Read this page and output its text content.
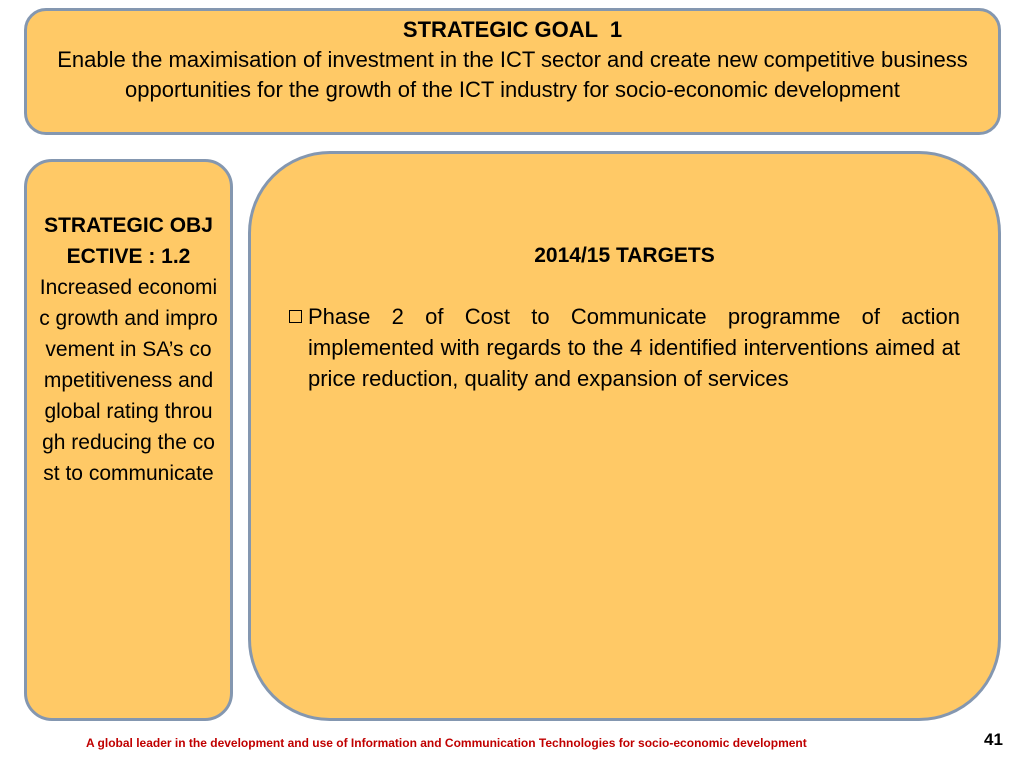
STRATEGIC GOAL  1
Enable the maximisation of investment in the ICT sector and create new competitive business opportunities for the growth of the ICT industry for socio-economic development
STRATEGIC OBJECTIVE : 1.2
Increased economic growth and improvement in SA’s competitiveness and global rating through reducing the cost to communicate
2014/15 TARGETS
Phase 2 of Cost to Communicate programme of action implemented with regards to the 4 identified interventions aimed at price reduction, quality and expansion of services
A global leader in the development and use of Information and Communication Technologies for socio-economic development	41
